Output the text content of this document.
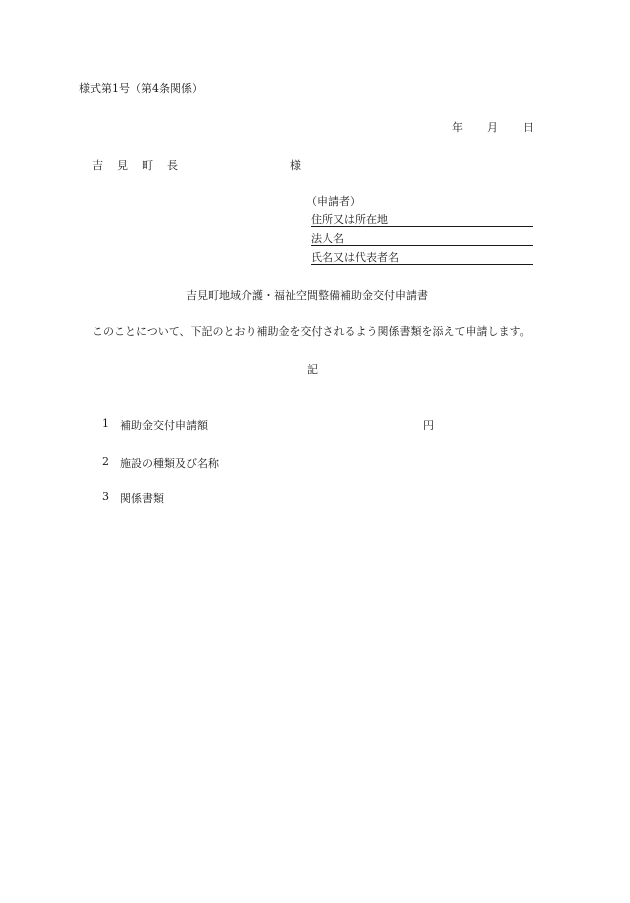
様式第1号（第4条関係）
年 月 日
吉見町長	様
（申請者）
住所又は所在地
法人名
氏名又は代表者名
吉見町地域介護・福祉空間整備補助金交付申請書
このことについて、下記のとおり補助金を交付されるよう関係書類を添えて申請します。
記
1 補助金交付申請額	円
2 施設の種類及び名称
3 関係書類
